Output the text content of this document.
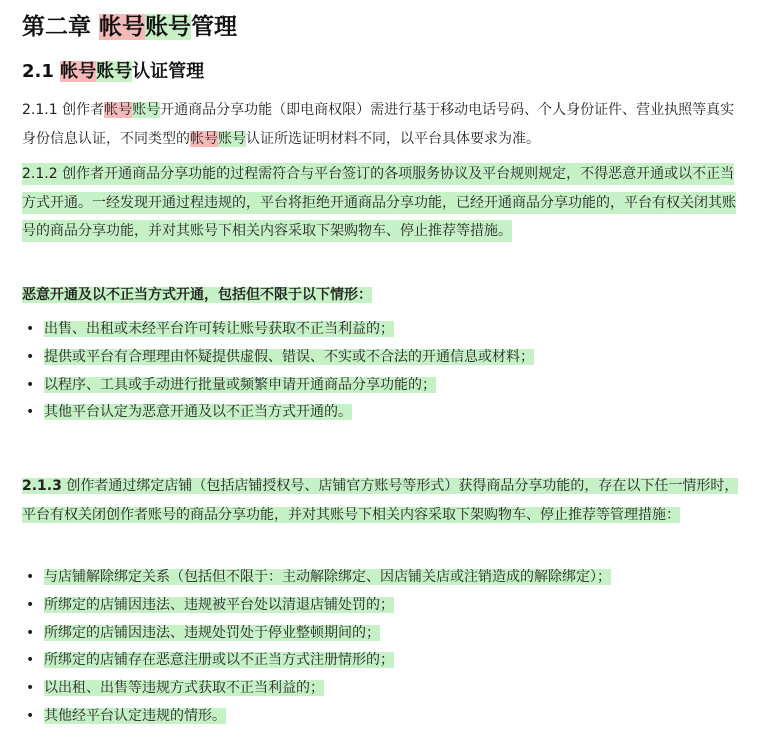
第二章 帐号账号管理
2.1 帐号账号认证管理

2.1.1 创作者帐号账号开通商品分享功能（即电商权限）需进行基于移动电话号码、个人身份证件、营业执照等真实身份信息认证，不同类型的帐号账号认证所选证明材料不同，以平台具体要求为准。

2.1.2 创作者开通商品分享功能的过程需符合与平台签订的各项服务协议及平台规则规定，不得恶意开通或以不正当方式开通。一经发现开通过程违规的，平台将拒绝开通商品分享功能，已经开通商品分享功能的，平台有权关闭其账号的商品分享功能，并对其账号下相关内容采取下架购物车、停止推荐等措施。

恶意开通及以不正当方式开通，包括但不限于以下情形：
• 出售、出租或未经平台许可转让账号获取不正当利益的；
• 提供或平台有合理理由怀疑提供虚假、错误、不实或不合法的开通信息或材料；
• 以程序、工具或手动进行批量或频繁申请开通商品分享功能的；
• 其他平台认定为恶意开通及以不正当方式开通的。

2.1.3 创作者通过绑定店铺（包括店铺授权号、店铺官方账号等形式）获得商品分享功能的，存在以下任一情形时，平台有权关闭创作者账号的商品分享功能，并对其账号下相关内容采取下架购物车、停止推荐等管理措施：

• 与店铺解除绑定关系（包括但不限于：主动解除绑定、因店铺关店或注销造成的解除绑定）；
• 所绑定的店铺因违法、违规被平台处以清退店铺处罚的；
• 所绑定的店铺因违法、违规处罚处于停业整顿期间的；
• 所绑定的店铺存在恶意注册或以不正当方式注册情形的；
• 以出租、出售等违规方式获取不正当利益的；
• 其他经平台认定违规的情形。
